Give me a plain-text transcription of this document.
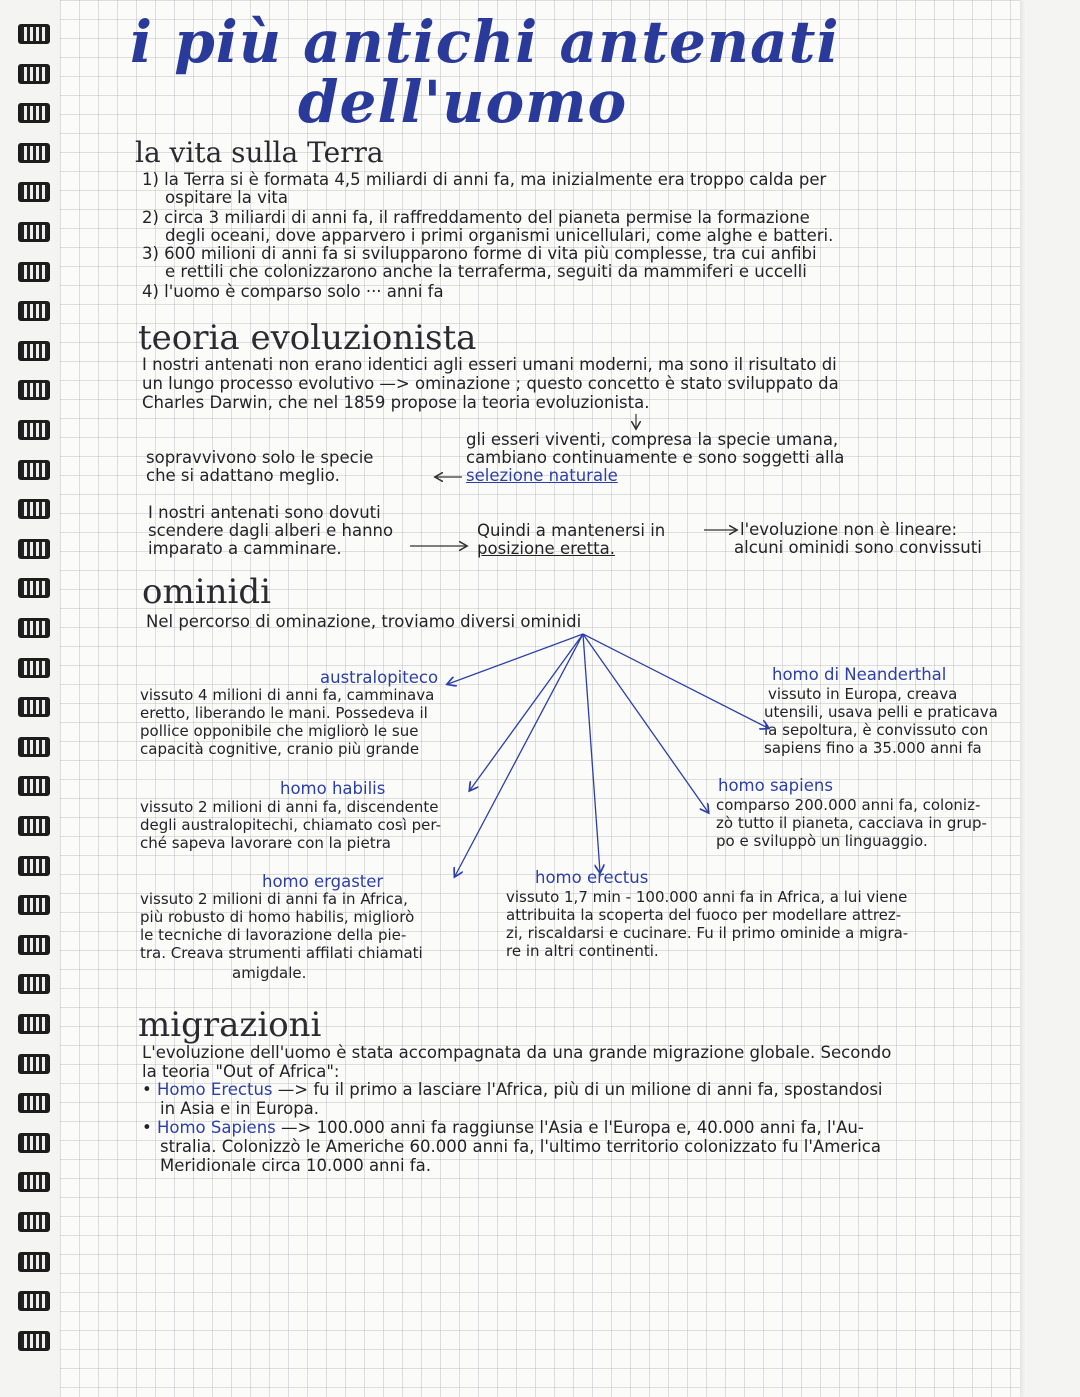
i più antichi antenati
dell'uomo
la vita sulla Terra
1) la Terra si è formata 4,5 miliardi di anni fa, ma inizialmente era troppo calda per
ospitare la vita
2) circa 3 miliardi di anni fa, il raffreddamento del pianeta permise la formazione
degli oceani, dove apparvero i primi organismi unicellulari, come alghe e batteri.
3) 600 milioni di anni fa si svilupparono forme di vita più complesse, tra cui anfibi
e rettili che colonizzarono anche la terraferma, seguiti da mammiferi e uccelli
4) l'uomo è comparso solo ··· anni fa
teoria evoluzionista
I nostri antenati non erano identici agli esseri umani moderni, ma sono il risultato di
un lungo processo evolutivo —> ominazione ; questo concetto è stato sviluppato da
Charles Darwin, che nel 1859 propose la teoria evoluzionista.
gli esseri viventi, compresa la specie umana,
cambiano continuamente e sono soggetti alla
selezione naturale
sopravvivono solo le specie
che si adattano meglio.
I nostri antenati sono dovuti
scendere dagli alberi e hanno
imparato a camminare.
Quindi a mantenersi in
posizione eretta.
l'evoluzione non è lineare:
alcuni ominidi sono convissuti
ominidi
Nel percorso di ominazione, troviamo diversi ominidi
australopiteco
vissuto 4 milioni di anni fa, camminava
eretto, liberando le mani. Possedeva il
pollice opponibile che migliorò le sue
capacità cognitive, cranio più grande
homo habilis
vissuto 2 milioni di anni fa, discendente
degli australopitechi, chiamato così per-
ché sapeva lavorare con la pietra
homo ergaster
vissuto 2 milioni di anni fa in Africa,
più robusto di homo habilis, migliorò
le tecniche di lavorazione della pie-
tra. Creava strumenti affilati chiamati
amigdale.
homo erectus
vissuto 1,7 min - 100.000 anni fa in Africa, a lui viene
attribuita la scoperta del fuoco per modellare attrez-
zi, riscaldarsi e cucinare. Fu il primo ominide a migra-
re in altri continenti.
homo sapiens
comparso 200.000 anni fa, coloniz-
zò tutto il pianeta, cacciava in grup-
po e sviluppò un linguaggio.
homo di Neanderthal
vissuto in Europa, creava
utensili, usava pelli e praticava
la sepoltura, è convissuto con
sapiens fino a 35.000 anni fa
migrazioni
L'evoluzione dell'uomo è stata accompagnata da una grande migrazione globale. Secondo
la teoria "Out of Africa":
• Homo Erectus —> fu il primo a lasciare l'Africa, più di un milione di anni fa, spostandosi
in Asia e in Europa.
• Homo Sapiens —> 100.000 anni fa raggiunse l'Asia e l'Europa e, 40.000 anni fa, l'Au-
stralia. Colonizzò le Americhe 60.000 anni fa, l'ultimo territorio colonizzato fu l'America
Meridionale circa 10.000 anni fa.
